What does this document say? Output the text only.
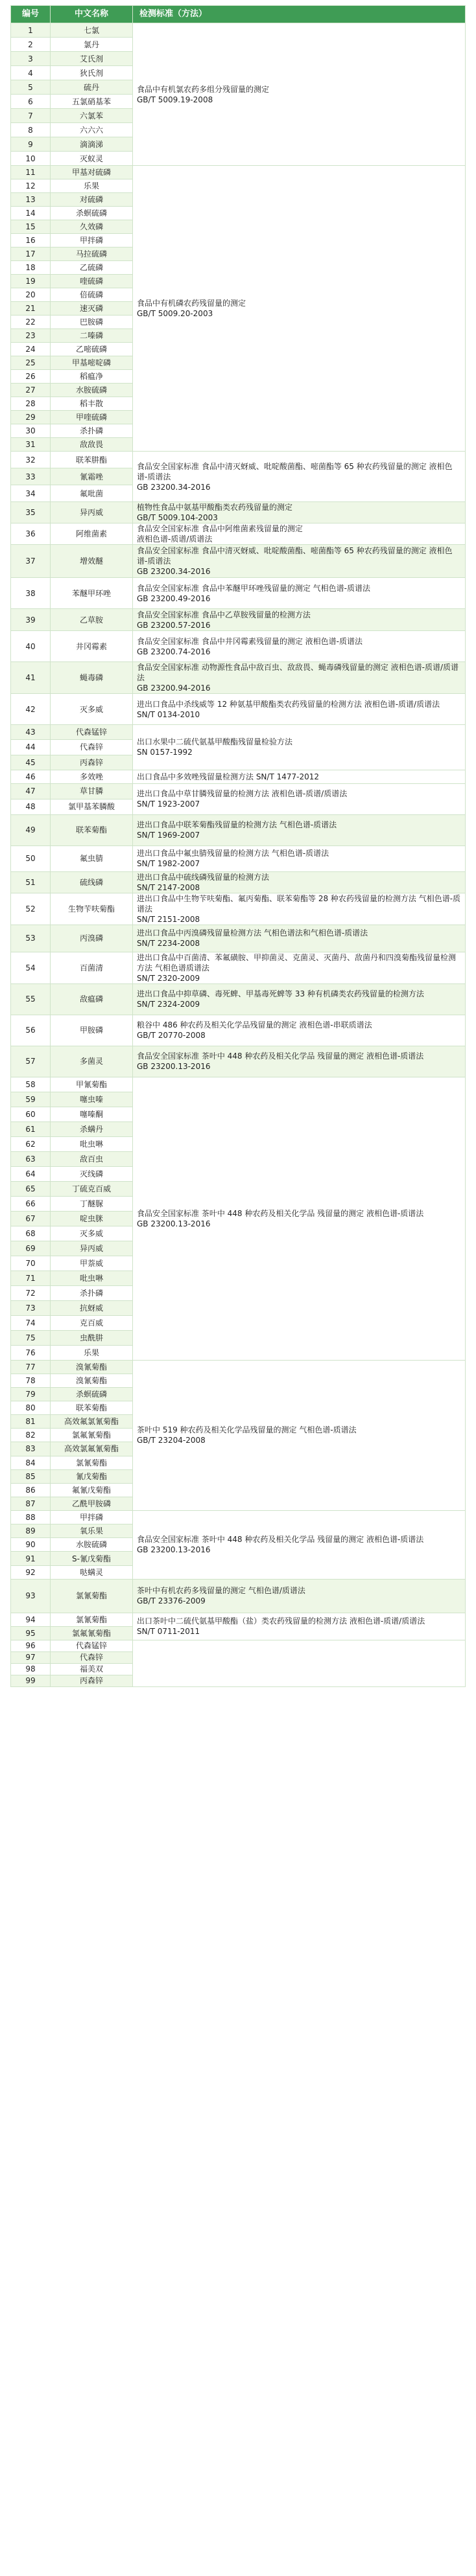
编号	中文名称	检测标准（方法）
1	七氯	食品中有机氯农药多组分残留量的测定
GB/T 5009.19-2008
2	氯丹	
3	艾氏剂	
4	狄氏剂	
5	硫丹	
6	五氯硝基苯	
7	六氯苯	
8	六六六	
9	滴滴涕	
10	灭蚁灵	
11	甲基对硫磷	食品中有机磷农药残留量的测定
GB/T 5009.20-2003
12	乐果	
13	对硫磷	
14	杀螟硫磷	
15	久效磷	
16	甲拌磷	
17	马拉硫磷	
18	乙硫磷	
19	喹硫磷	
20	倍硫磷	
21	速灭磷	
22	巴胺磷	
23	二嗪磷	
24	乙嘧硫磷	
25	甲基嘧啶磷	
26	稻瘟净	
27	水胺硫磷	
28	稻丰散	
29	甲喹硫磷	
30	杀扑磷	
31	敌敌畏	
32	联苯肼酯	食品安全国家标准 食品中清灭蚜威、吡啶酸菌酯、嘧菌酯等 65 种农药残留量的测定 液相色谱-质谱法
GB 23200.34-2016
33	氰霜唑	
34	氟吡菌	
35	异丙威	植物性食品中氨基甲酸酯类农药残留量的测定
GB/T 5009.104-2003
36	阿维菌素	食品安全国家标准 食品中阿维菌素残留量的测定
液相色谱-质谱/质谱法
37	增效醚	食品安全国家标准 食品中清灭蚜威、吡啶酸菌酯、嘧菌酯等 65 种农药残留量的测定 液相色谱-质谱法
GB 23200.34-2016
38	苯醚甲环唑	食品安全国家标准 食品中苯醚甲环唑残留量的测定 气相色谱-质谱法
GB 23200.49-2016
39	乙草胺	食品安全国家标准 食品中乙草胺残留量的检测方法
GB 23200.57-2016
40	井冈霉素	食品安全国家标准 食品中井冈霉素残留量的测定 液相色谱-质谱法
GB 23200.74-2016
41	蝇毒磷	食品安全国家标准 动物源性食品中敌百虫、敌敌畏、蝇毒磷残留量的测定 液相色谱-质谱/质谱法
GB 23200.94-2016
42	灭多威	进出口食品中杀线威等 12 种氨基甲酸酯类农药残留量的检测方法 液相色谱-质谱/质谱法
SN/T 0134-2010
43	代森锰锌	出口水果中二硫代氨基甲酸酯残留量检验方法
SN 0157-1992
44	代森锌	
45	丙森锌	
46	多效唑	出口食品中多效唑残留量检测方法 SN/T 1477-2012
47	草甘膦	进出口食品中草甘膦残留量的检测方法 液相色谱-质谱/质谱法
SN/T 1923-2007
48	氯甲基苯膦酸	
49	联苯菊酯	进出口食品中联苯菊酯残留量的检测方法 气相色谱-质谱法
SN/T 1969-2007
50	氟虫腈	进出口食品中氟虫腈残留量的检测方法 气相色谱-质谱法
SN/T 1982-2007
51	硫线磷	进出口食品中硫线磷残留量的检测方法
SN/T 2147-2008
52	生物苄呋菊酯	进出口食品中生物苄呋菊酯、氟丙菊酯、联苯菊酯等 28 种农药残留量的检测方法 气相色谱-质谱法
SN/T 2151-2008
53	丙溴磷	进出口食品中丙溴磷残留量检测方法 气相色谱法和气相色谱-质谱法
SN/T 2234-2008
54	百菌清	进出口食品中百菌清、苯氟磺胺、甲抑菌灵、克菌灵、灭菌丹、敌菌丹和四溴菊酯残留量检测方法 气相色谱质谱法
SN/T 2320-2009
55	敌瘟磷	进出口食品中抑草磷、毒死蜱、甲基毒死蜱等 33 种有机磷类农药残留量的检测方法
SN/T 2324-2009
56	甲胺磷	粮谷中 486 种农药及相关化学品残留量的测定 液相色谱-串联质谱法
GB/T 20770-2008
57	多菌灵	食品安全国家标准 茶叶中 448 种农药及相关化学品 残留量的测定 液相色谱-质谱法
GB 23200.13-2016
58	甲氰菊酯	食品安全国家标准 茶叶中 448 种农药及相关化学品 残留量的测定 液相色谱-质谱法
GB 23200.13-2016
59	噻虫嗪	
60	噻嗪酮	
61	杀螨丹	
62	吡虫啉	
63	敌百虫	
64	灭线磷	
65	丁硫克百威	
66	丁醚脲	
67	啶虫脒	
68	灭多威	
69	异丙威	
70	甲萘威	
71	吡虫啉	
72	杀扑磷	
73	抗蚜威	
74	克百威	
75	虫酰肼	
76	乐果	
77	溴氰菊酯	茶叶中 519 种农药及相关化学品残留量的测定 气相色谱-质谱法
GB/T 23204-2008
78	溴氰菊酯	
79	杀螟硫磷	
80	联苯菊酯	
81	高效氟氯氰菊酯	
82	氯氟氰菊酯	
83	高效氯氟氰菊酯	
84	氯氰菊酯	
85	氰戊菊酯	
86	氟氰戊菊酯	
87	乙酰甲胺磷	
88	甲拌磷	食品安全国家标准 茶叶中 448 种农药及相关化学品 残留量的测定 液相色谱-质谱法
GB 23200.13-2016
89	氧乐果	
90	水胺硫磷	
91	S-氰戊菊酯	
92	哒螨灵	
93	氯氰菊酯	茶叶中有机农药多残留量的测定 气相色谱/质谱法
GB/T 23376-2009
94	氯氰菊酯	出口茶叶中二硫代氨基甲酸酯（盐）类农药残留量的检测方法 液相色谱-质谱/质谱法
SN/T 0711-2011
95	氯氟氰菊酯	
96	代森锰锌	
97	代森锌	
98	福美双	
99	丙森锌	
